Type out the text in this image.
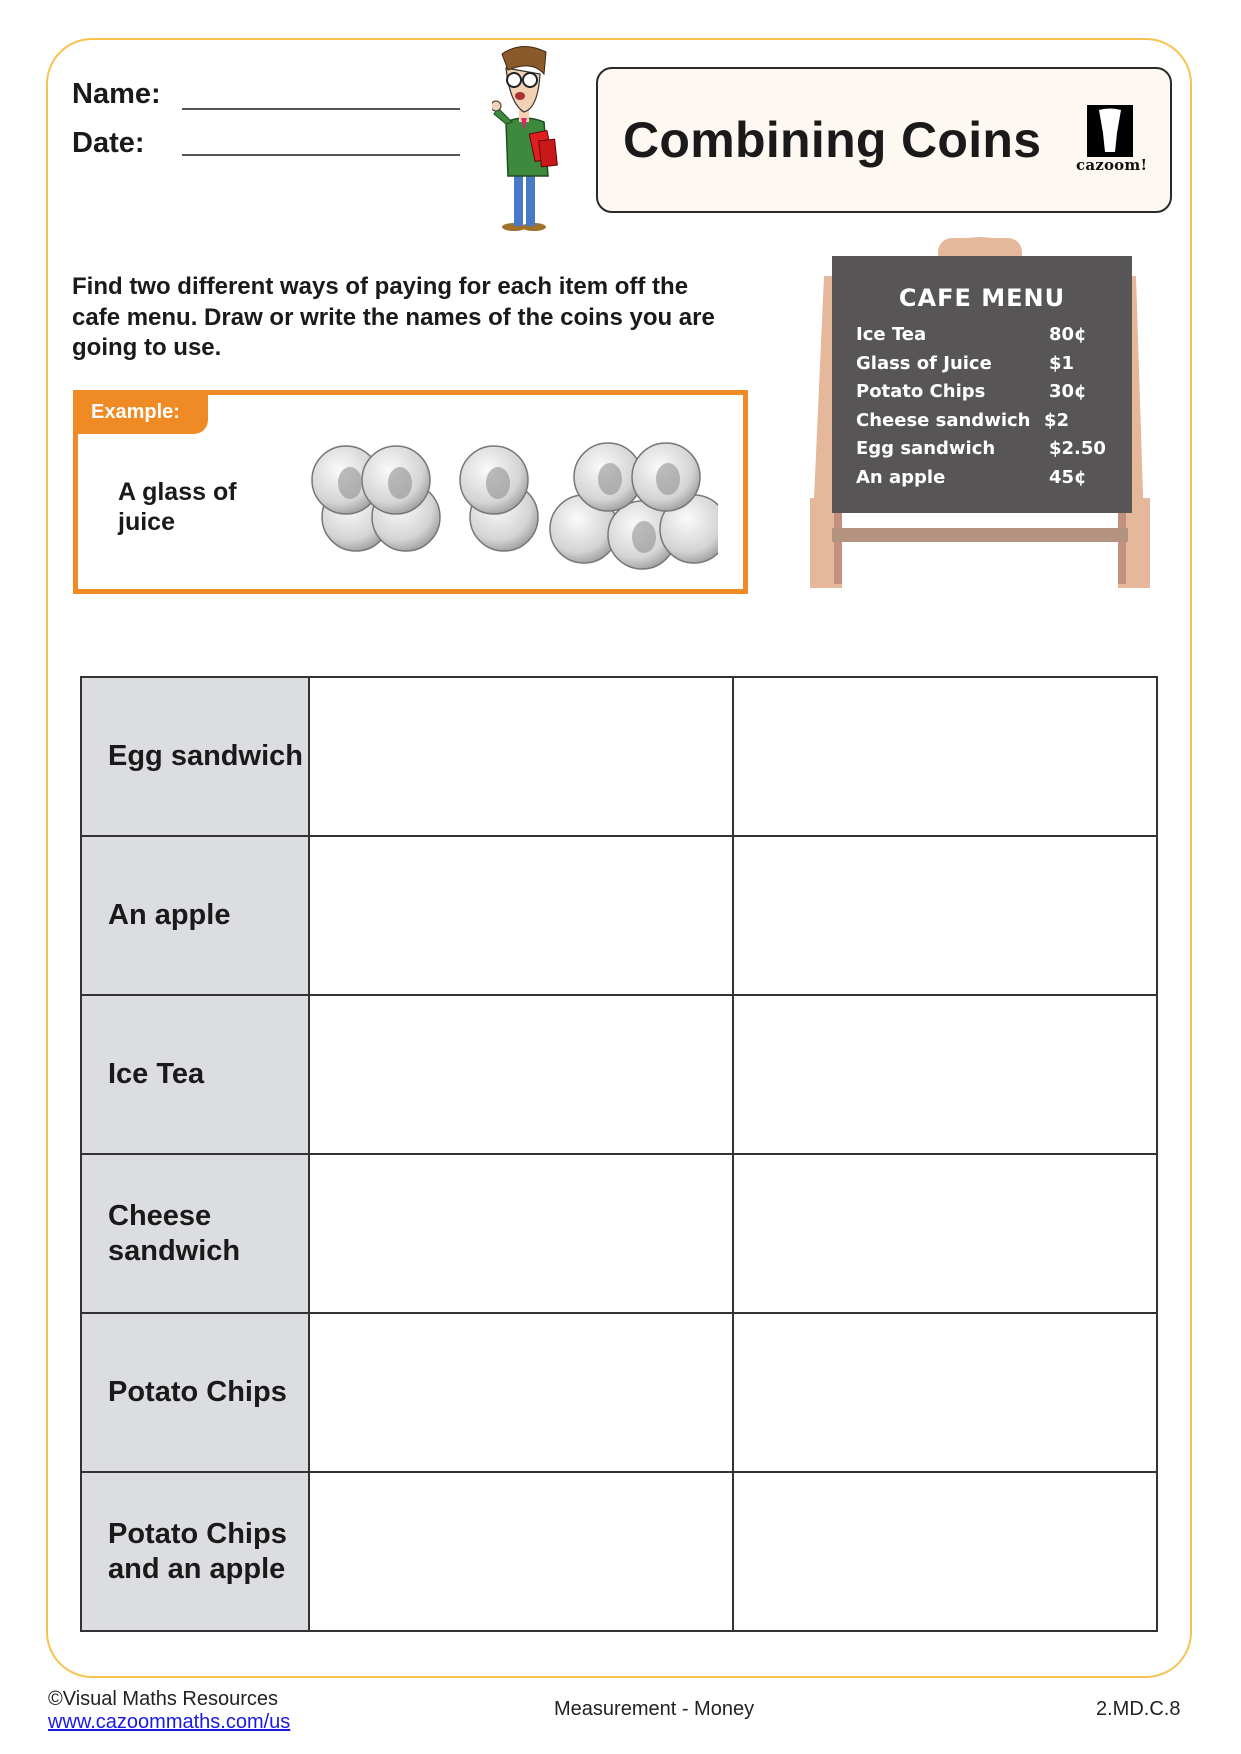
Name:
Date:	Combining Coins cazoom!
Find two different ways of paying for each item off the cafe menu. Draw or write the names of the coins you are going to use.
Example:
A glass of juice
CAFE MENU
Ice Tea	80¢
Glass of Juice	$1
Potato Chips	30¢
Cheese sandwich $2
Egg sandwich	$2.50
An apple	45¢
Egg sandwich		
An apple		
Ice Tea		
Cheese sandwich		
Potato Chips		
Potato Chips and an apple		
©Visual Maths Resources
www.cazoommaths.com/us
Measurement - Money	2.MD.C.8
